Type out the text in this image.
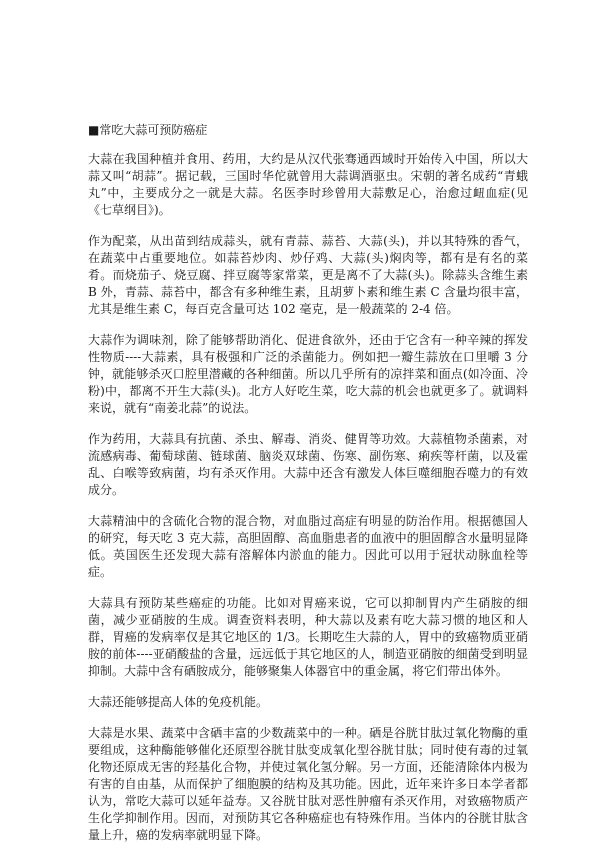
■常吃大蒜可预防癌症

大蒜在我国种植并食用、药用，大约是从汉代张骞通西域时开始传入中国，所以大蒜又叫“胡蒜”。据记载，三国时华佗就曾用大蒜调酒驱虫。宋朝的著名成药“青蛾丸”中，主要成分之一就是大蒜。名医李时珍曾用大蒜敷足心，治愈过衄血症(见《七草纲目》)。

作为配菜，从出苗到结成蒜头，就有青蒜、蒜苔、大蒜(头)，并以其特殊的香气，在蔬菜中占重要地位。如蒜苔炒肉、炒仔鸡、大蒜(头)焖肉等，都有是有名的菜肴。而烧茄子、烧豆腐、拌豆腐等家常菜，更是离不了大蒜(头)。除蒜头含维生素 B 外，青蒜、蒜苔中，都含有多种维生素，且胡萝卜素和维生素 C 含量均很丰富，尤其是维生素 C，每百克含量可达 102 毫克，是一般蔬菜的 2-4 倍。

大蒜作为调味剂，除了能够帮助消化、促进食欲外，还由于它含有一种辛辣的挥发性物质----大蒜素，具有极强和广泛的杀菌能力。例如把一瓣生蒜放在口里嚼 3 分钟，就能够杀灭口腔里潜藏的各种细菌。所以几乎所有的凉拌菜和面点(如冷面、冷粉)中，都离不开生大蒜(头)。北方人好吃生菜，吃大蒜的机会也就更多了。就调料来说，就有“南姜北蒜”的说法。

作为药用，大蒜具有抗菌、杀虫、解毒、消炎、健胃等功效。大蒜植物杀菌素，对流感病毒、葡萄球菌、链球菌、脑炎双球菌、伤寒、副伤寒、痢疾等杆菌，以及霍乱、白喉等致病菌，均有杀灭作用。大蒜中还含有激发人体巨噬细胞吞噬力的有效成分。

大蒜精油中的含硫化合物的混合物，对血脂过高症有明显的防治作用。根据德国人的研究，每天吃 3 克大蒜，高胆固醇、高血脂患者的血液中的胆固醇含水量明显降低。英国医生还发现大蒜有溶解体内淤血的能力。因此可以用于冠状动脉血栓等症。

大蒜具有预防某些癌症的功能。比如对胃癌来说，它可以抑制胃内产生硝胺的细菌，减少亚硝胺的生成。调查资料表明，种大蒜以及素有吃大蒜习惯的地区和人群，胃癌的发病率仅是其它地区的 1/3。长期吃生大蒜的人，胃中的致癌物质亚硝胺的前体----亚硝酸盐的含量，远远低于其它地区的人，制造亚硝胺的细菌受到明显抑制。大蒜中含有硒胺成分，能够聚集人体器官中的重金属，将它们带出体外。

大蒜还能够提高人体的免疫机能。

大蒜是水果、蔬菜中含硒丰富的少数蔬菜中的一种。硒是谷胱甘肽过氧化物酶的重要组成，这种酶能够催化还原型谷胱甘肽变成氧化型谷胱甘肽；同时使有毒的过氧化物还原成无害的羟基化合物，并使过氧化氢分解。另一方面，还能清除体内极为有害的自由基，从而保护了细胞膜的结构及其功能。因此，近年来许多日本学者都认为，常吃大蒜可以延年益寿。又谷胱甘肽对恶性肿瘤有杀灭作用，对致癌物质产生化学抑制作用。因而，对预防其它各种癌症也有特殊作用。当体内的谷胱甘肽含量上升，癌的发病率就明显下降。
